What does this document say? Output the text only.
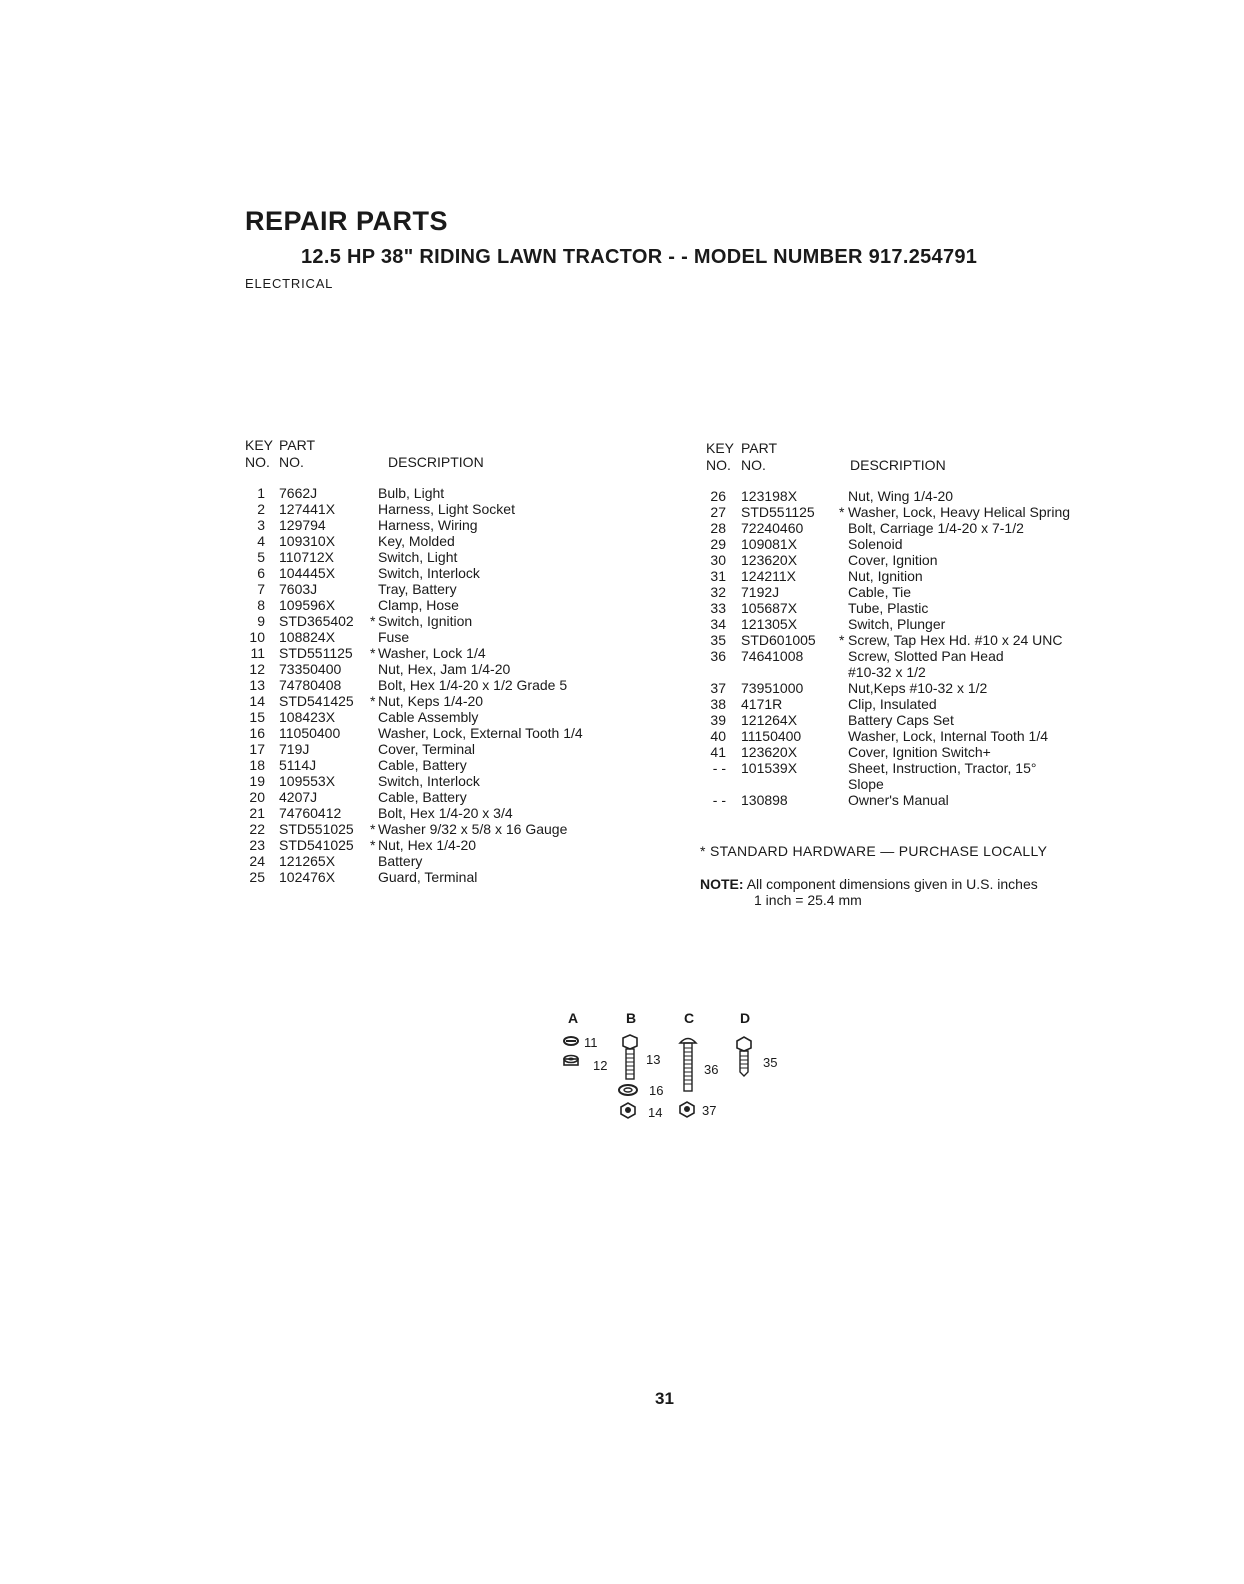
REPAIR PARTS
12.5 HP 38" RIDING LAWN TRACTOR - - MODEL NUMBER 917.254791
ELECTRICAL
KEY PART
NO. NO.	DESCRIPTION
1 7662J	Bulb, Light
2 127441X	Harness, Light Socket
3 129794	Harness, Wiring
4 109310X	Key, Molded
5 110712X	Switch, Light
6 104445X	Switch, Interlock
7 7603J	Tray, Battery
8 109596X	Clamp, Hose
9 STD365402 * Switch, Ignition
10 108824X	Fuse
11 STD551125 * Washer, Lock 1/4
12 73350400	Nut, Hex, Jam 1/4-20
13 74780408	Bolt, Hex 1/4-20 x 1/2 Grade 5
14 STD541425 * Nut, Keps 1/4-20
15 108423X	Cable Assembly
16 11050400	Washer, Lock, External Tooth 1/4
17 719J	Cover, Terminal
18 5114J	Cable, Battery
19 109553X	Switch, Interlock
20 4207J	Cable, Battery
21 74760412	Bolt, Hex 1/4-20 x 3/4
22 STD551025 * Washer 9/32 x 5/8 x 16 Gauge
23 STD541025 * Nut, Hex 1/4-20
24 121265X	Battery
25 102476X	Guard, Terminal
KEY PART
NO. NO.	DESCRIPTION
26 123198X	Nut, Wing 1/4-20
27 STD551125 * Washer, Lock, Heavy Helical Spring
28 72240460	Bolt, Carriage 1/4-20 x 7-1/2
29 109081X	Solenoid
30 123620X	Cover, Ignition
31 124211X	Nut, Ignition
32 7192J	Cable, Tie
33 105687X	Tube, Plastic
34 121305X	Switch, Plunger
35 STD601005 * Screw, Tap Hex Hd. #10 x 24 UNC
36 74641008	Screw, Slotted Pan Head
#10-32 x 1/2
37 73951000	Nut,Keps #10-32 x 1/2
38 4171R	Clip, Insulated
39 121264X	Battery Caps Set
40 11150400	Washer, Lock, Internal Tooth 1/4
41 123620X	Cover, Ignition Switch+
- - 101539X	Sheet, Instruction, Tractor, 15°
Slope
- - 130898	Owner's Manual
* STANDARD HARDWARE — PURCHASE LOCALLY
NOTE: All component dimensions given in U.S. inches
1 inch = 25.4 mm
A	B	C	D
11
12	13
36	35
16
14	37
31
